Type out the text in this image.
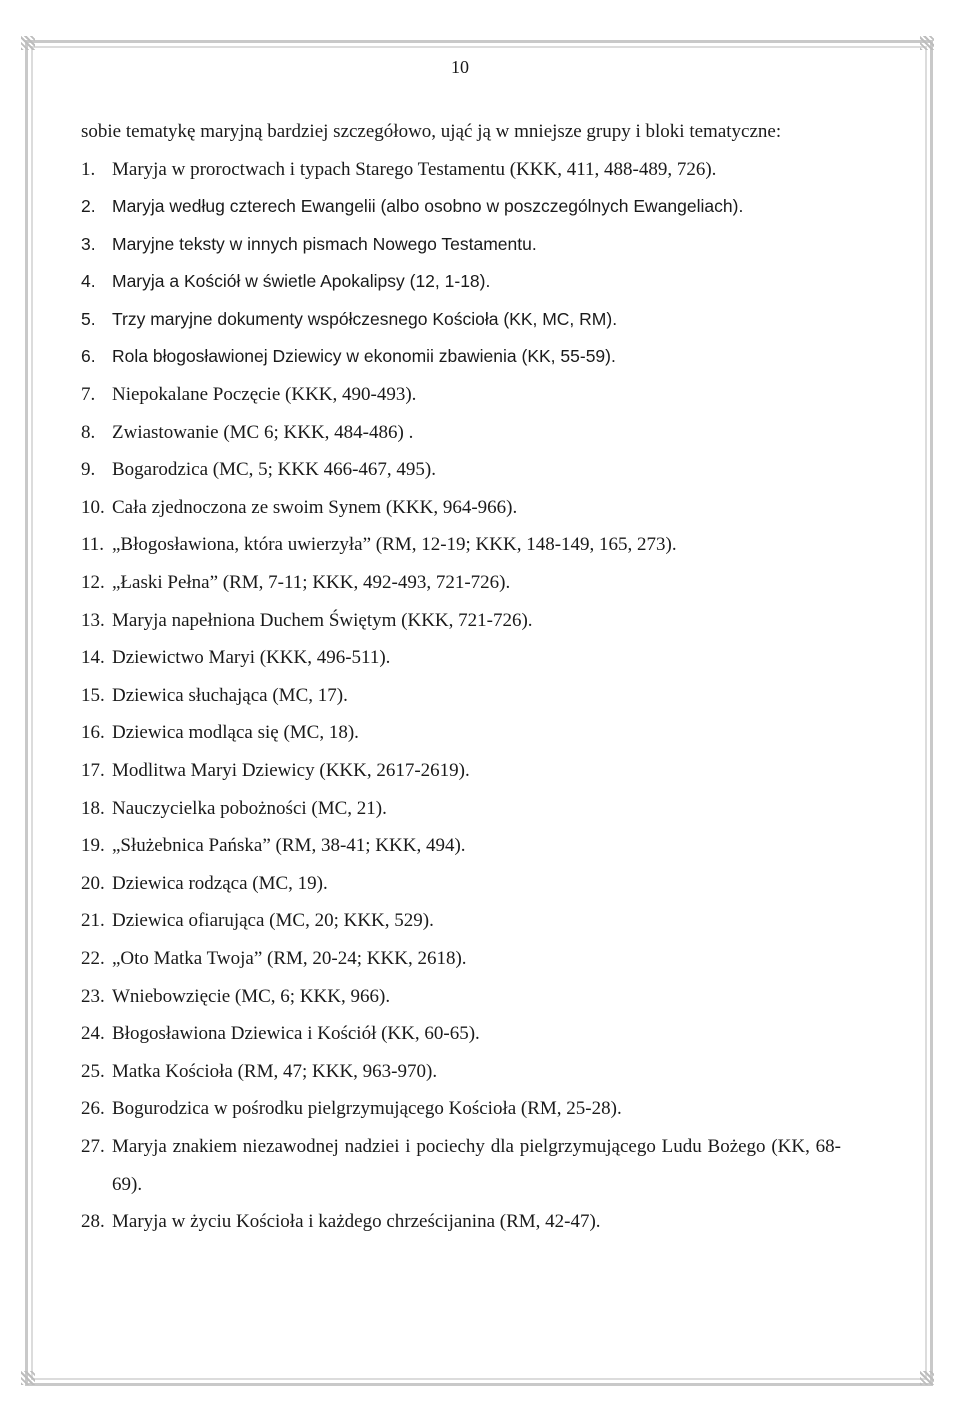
10

sobie tematykę maryjną bardziej szczegółowo, ująć ją w mniejsze grupy i bloki tematyczne:

1. Maryja w proroctwach i typach Starego Testamentu (KKK, 411, 488-489, 726).
2. Maryja według czterech Ewangelii (albo osobno w poszczególnych Ewangeliach).
3. Maryjne teksty w innych pismach Nowego Testamentu.
4. Maryja a Kościół w świetle Apokalipsy (12, 1-18).
5. Trzy maryjne dokumenty współczesnego Kościoła (KK, MC, RM).
6. Rola błogosławionej Dziewicy w ekonomii zbawienia (KK, 55-59).
7. Niepokalane Poczęcie (KKK, 490-493).
8. Zwiastowanie (MC 6; KKK, 484-486) .
9. Bogarodzica (MC, 5; KKK 466-467, 495).
10. Cała zjednoczona ze swoim Synem (KKK, 964-966).
11. „Błogosławiona, która uwierzyła” (RM, 12-19; KKK, 148-149, 165, 273).
12. „Łaski Pełna” (RM, 7-11; KKK, 492-493, 721-726).
13. Maryja napełniona Duchem Świętym (KKK, 721-726).
14. Dziewictwo Maryi (KKK, 496-511).
15. Dziewica słuchająca (MC, 17).
16. Dziewica modląca się (MC, 18).
17. Modlitwa Maryi Dziewicy (KKK, 2617-2619).
18. Nauczycielka pobożności (MC, 21).
19. „Służebnica Pańska” (RM, 38-41; KKK, 494).
20. Dziewica rodząca (MC, 19).
21. Dziewica ofiarująca (MC, 20; KKK, 529).
22. „Oto Matka Twoja” (RM, 20-24; KKK, 2618).
23. Wniebowzięcie (MC, 6; KKK, 966).
24. Błogosławiona Dziewica i Kościół (KK, 60-65).
25. Matka Kościoła (RM, 47; KKK, 963-970).
26. Bogurodzica w pośrodku pielgrzymującego Kościoła (RM, 25-28).
27. Maryja znakiem niezawodnej nadziei i pociechy dla pielgrzymującego Ludu Bożego (KK, 68-69).
28. Maryja w życiu Kościoła i każdego chrześcijanina (RM, 42-47).
